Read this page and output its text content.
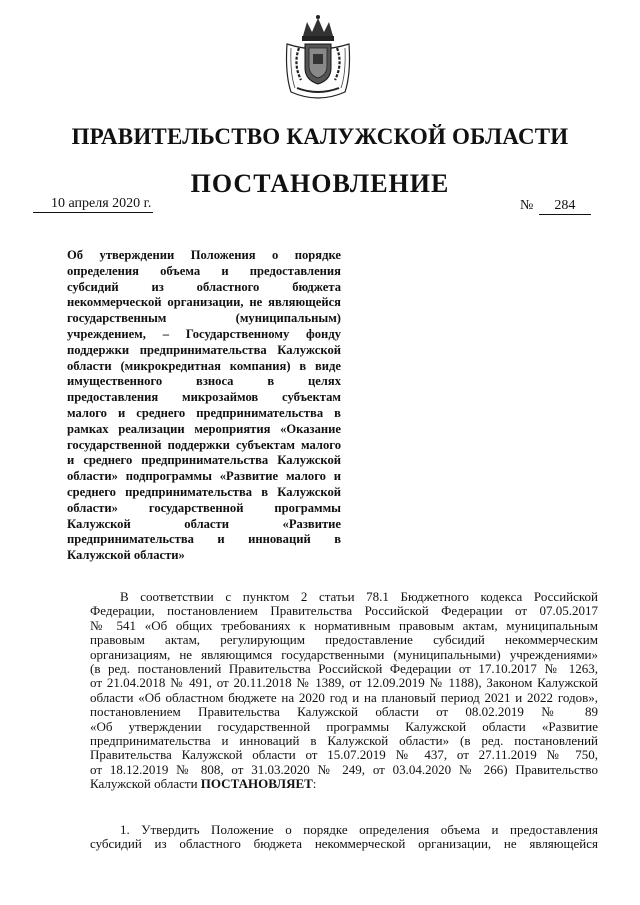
ПРАВИТЕЛЬСТВО КАЛУЖСКОЙ ОБЛАСТИ
ПОСТАНОВЛЕНИЕ
10 апреля 2020 г.	№ 284
Об утверждении Положения о порядке
определения объема и предоставления
субсидий из областного бюджета
некоммерческой организации, не являющейся
государственным (муниципальным)
учреждением, – Государственному фонду
поддержки предпринимательства Калужской
области (микрокредитная компания) в виде
имущественного взноса в целях
предоставления микрозаймов субъектам
малого и среднего предпринимательства в
рамках реализации мероприятия «Оказание
государственной поддержки субъектам малого
и среднего предпринимательства Калужской
области» подпрограммы «Развитие малого и
среднего предпринимательства в Калужской
области» государственной программы
Калужской области «Развитие
предпринимательства и инноваций в
Калужской области»
В соответствии с пунктом 2 статьи 78.1 Бюджетного кодекса Российской
Федерации, постановлением Правительства Российской Федерации от 07.05.2017
№ 541 «Об общих требованиях к нормативным правовым актам, муниципальным
правовым актам, регулирующим предоставление субсидий некоммерческим
организациям, не являющимся государственными (муниципальными) учреждениями»
(в ред. постановлений Правительства Российской Федерации от 17.10.2017 № 1263,
от 21.04.2018 № 491, от 20.11.2018 № 1389, от 12.09.2019 № 1188), Законом Калужской
области «Об областном бюджете на 2020 год и на плановый период 2021 и 2022 годов»,
постановлением Правительства Калужской области от 08.02.2019 № 89
«Об утверждении государственной программы Калужской области «Развитие
предпринимательства и инноваций в Калужской области» (в ред. постановлений
Правительства Калужской области от 15.07.2019 № 437, от 27.11.2019 № 750,
от 18.12.2019 № 808, от 31.03.2020 № 249, от 03.04.2020 № 266) Правительство
Калужской области ПОСТАНОВЛЯЕТ:
1. Утвердить Положение о порядке определения объема и предоставления
субсидий из областного бюджета некоммерческой организации, не являющейся
